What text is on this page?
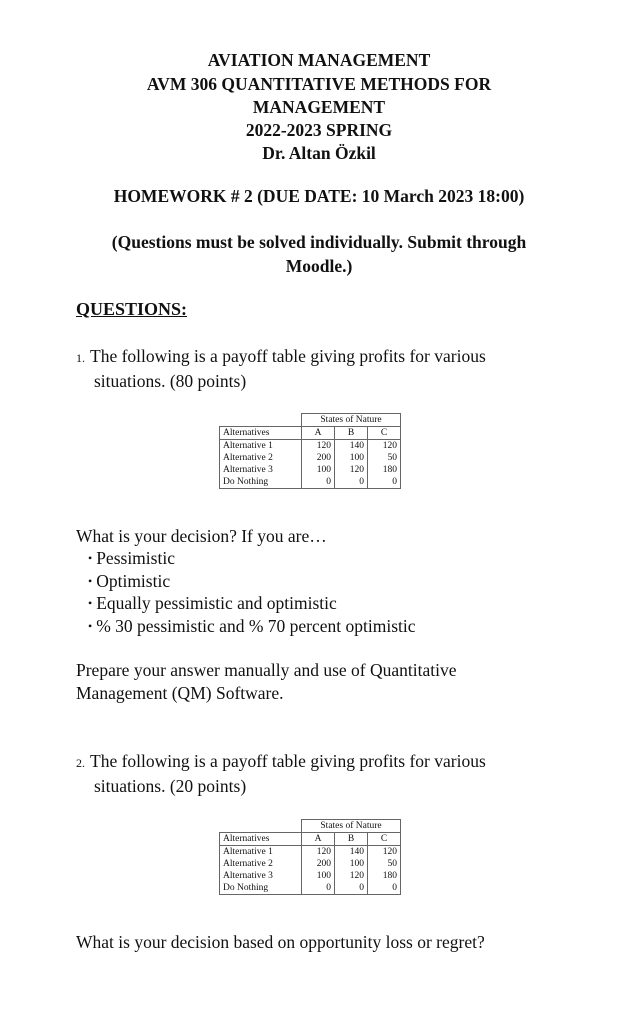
AVIATION MANAGEMENT
AVM 306 QUANTITATIVE METHODS FOR
MANAGEMENT
2022-2023 SPRING
Dr. Altan Özkil
HOMEWORK # 2 (DUE DATE: 10 March 2023 18:00)
(Questions must be solved individually. Submit through
Moodle.)
QUESTIONS:
1. The following is a payoff table giving profits for various
situations. (80 points)
	States of Nature		
Alternatives	A	B	C
Alternative 1	120	140	120
Alternative 2	200	100	50
Alternative 3	100	120	180
Do Nothing	0	0	0
What is your decision? If you are…
• Pessimistic
• Optimistic
• Equally pessimistic and optimistic
• % 30 pessimistic and % 70 percent optimistic
Prepare your answer manually and use of Quantitative
Management (QM) Software.
2. The following is a payoff table giving profits for various
situations. (20 points)
	States of Nature		
Alternatives	A	B	C
Alternative 1	120	140	120
Alternative 2	200	100	50
Alternative 3	100	120	180
Do Nothing	0	0	0
What is your decision based on opportunity loss or regret?
